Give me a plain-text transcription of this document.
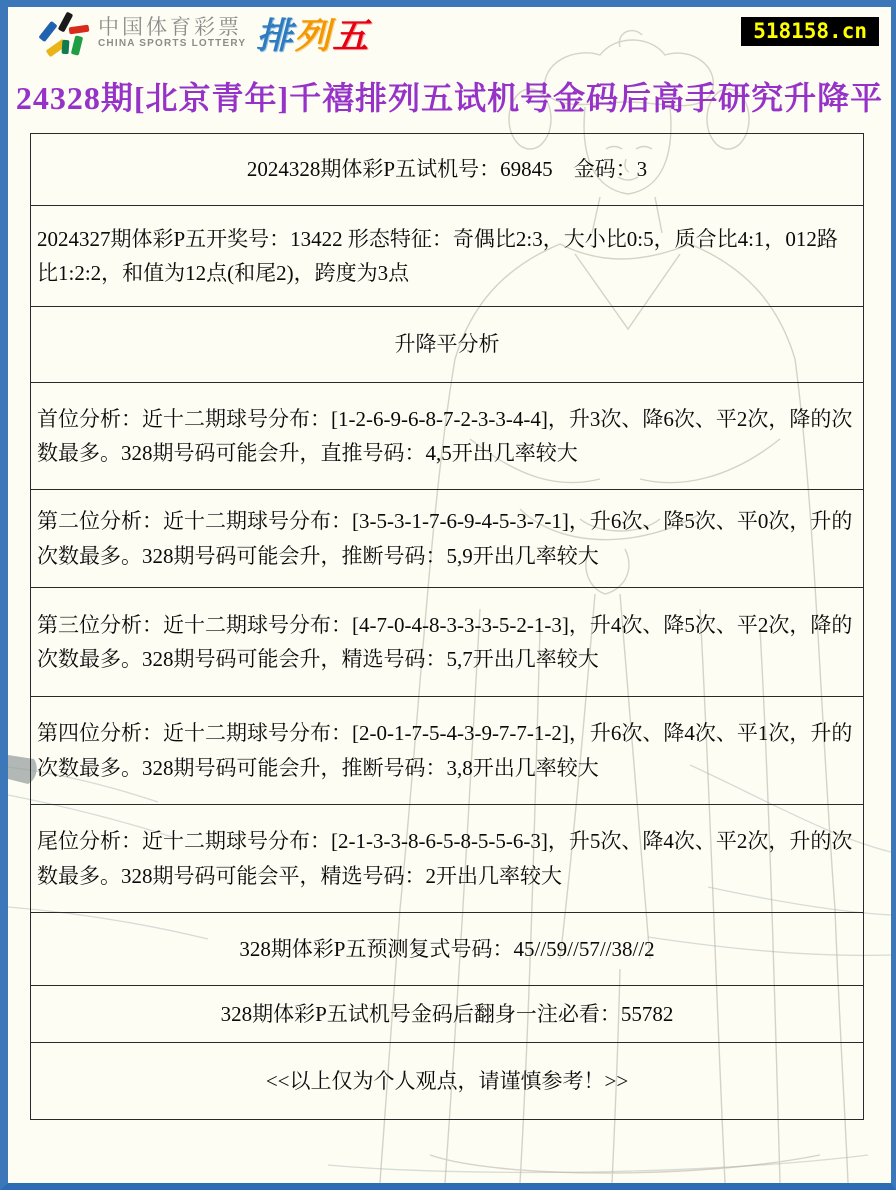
中国体育彩票
CHINA SPORTS LOTTERY 排列五	518158.cn
24328期[北京青年]千禧排列五试机号金码后高手研究升降平
2024328期体彩P五试机号：69845　金码：3
2024327期体彩P五开奖号：13422 形态特征：奇偶比2:3，大小比0:5，质合比4:1，012路比1:2:2，和值为12点(和尾2)，跨度为3点
升降平分析
首位分析：近十二期球号分布：[1-2-6-9-6-8-7-2-3-3-4-4]，升3次、降6次、平2次，降的次数最多。328期号码可能会升，直推号码：4,5开出几率较大
第二位分析：近十二期球号分布：[3-5-3-1-7-6-9-4-5-3-7-1]，升6次、降5次、平0次，升的次数最多。328期号码可能会升，推断号码：5,9开出几率较大
第三位分析：近十二期球号分布：[4-7-0-4-8-3-3-3-5-2-1-3]，升4次、降5次、平2次，降的次数最多。328期号码可能会升，精选号码：5,7开出几率较大
第四位分析：近十二期球号分布：[2-0-1-7-5-4-3-9-7-7-1-2]，升6次、降4次、平1次，升的次数最多。328期号码可能会升，推断号码：3,8开出几率较大
尾位分析：近十二期球号分布：[2-1-3-3-8-6-5-8-5-5-6-3]，升5次、降4次、平2次，升的次数最多。328期号码可能会平，精选号码：2开出几率较大
328期体彩P五预测复式号码：45//59//57//38//2
328期体彩P五试机号金码后翻身一注必看：55782
<<以上仅为个人观点，请谨慎参考！>>
